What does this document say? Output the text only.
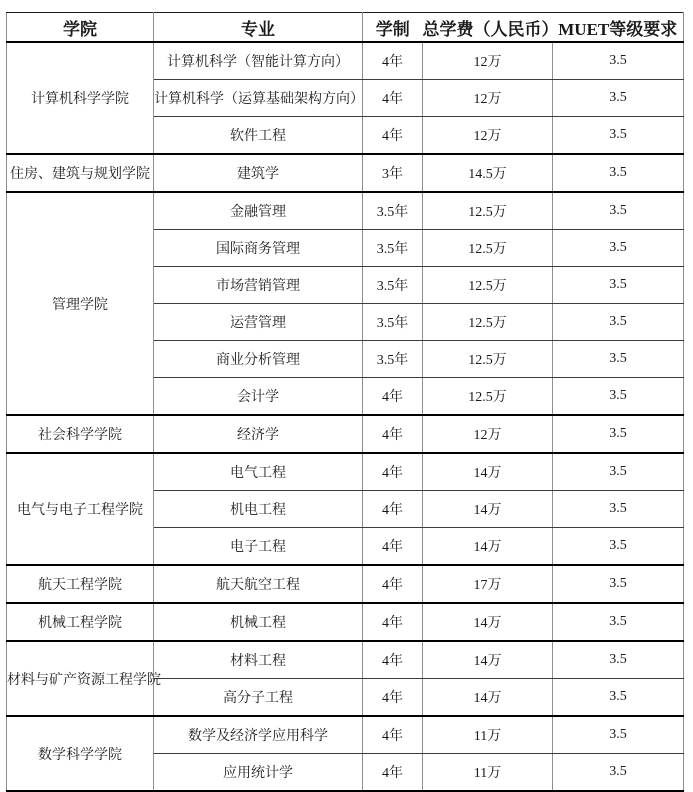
学院	专业	学制	总学费（人民币）	MUET等级要求
计算机科学学院	计算机科学（智能计算方向）	4年	12万	3.5
	计算机科学（运算基础架构方向）	4年	12万	3.5
	软件工程	4年	12万	3.5
住房、建筑与规划学院	建筑学	3年	14.5万	3.5
管理学院	金融管理	3.5年	12.5万	3.5
	国际商务管理	3.5年	12.5万	3.5
	市场营销管理	3.5年	12.5万	3.5
	运营管理	3.5年	12.5万	3.5
	商业分析管理	3.5年	12.5万	3.5
	会计学	4年	12.5万	3.5
社会科学学院	经济学	4年	12万	3.5
电气与电子工程学院	电气工程	4年	14万	3.5
	机电工程	4年	14万	3.5
	电子工程	4年	14万	3.5
航天工程学院	航天航空工程	4年	17万	3.5
机械工程学院	机械工程	4年	14万	3.5
材料与矿产资源工程学院	材料工程	4年	14万	3.5
	高分子工程	4年	14万	3.5
数学科学学院	数学及经济学应用科学	4年	11万	3.5
	应用统计学	4年	11万	3.5
